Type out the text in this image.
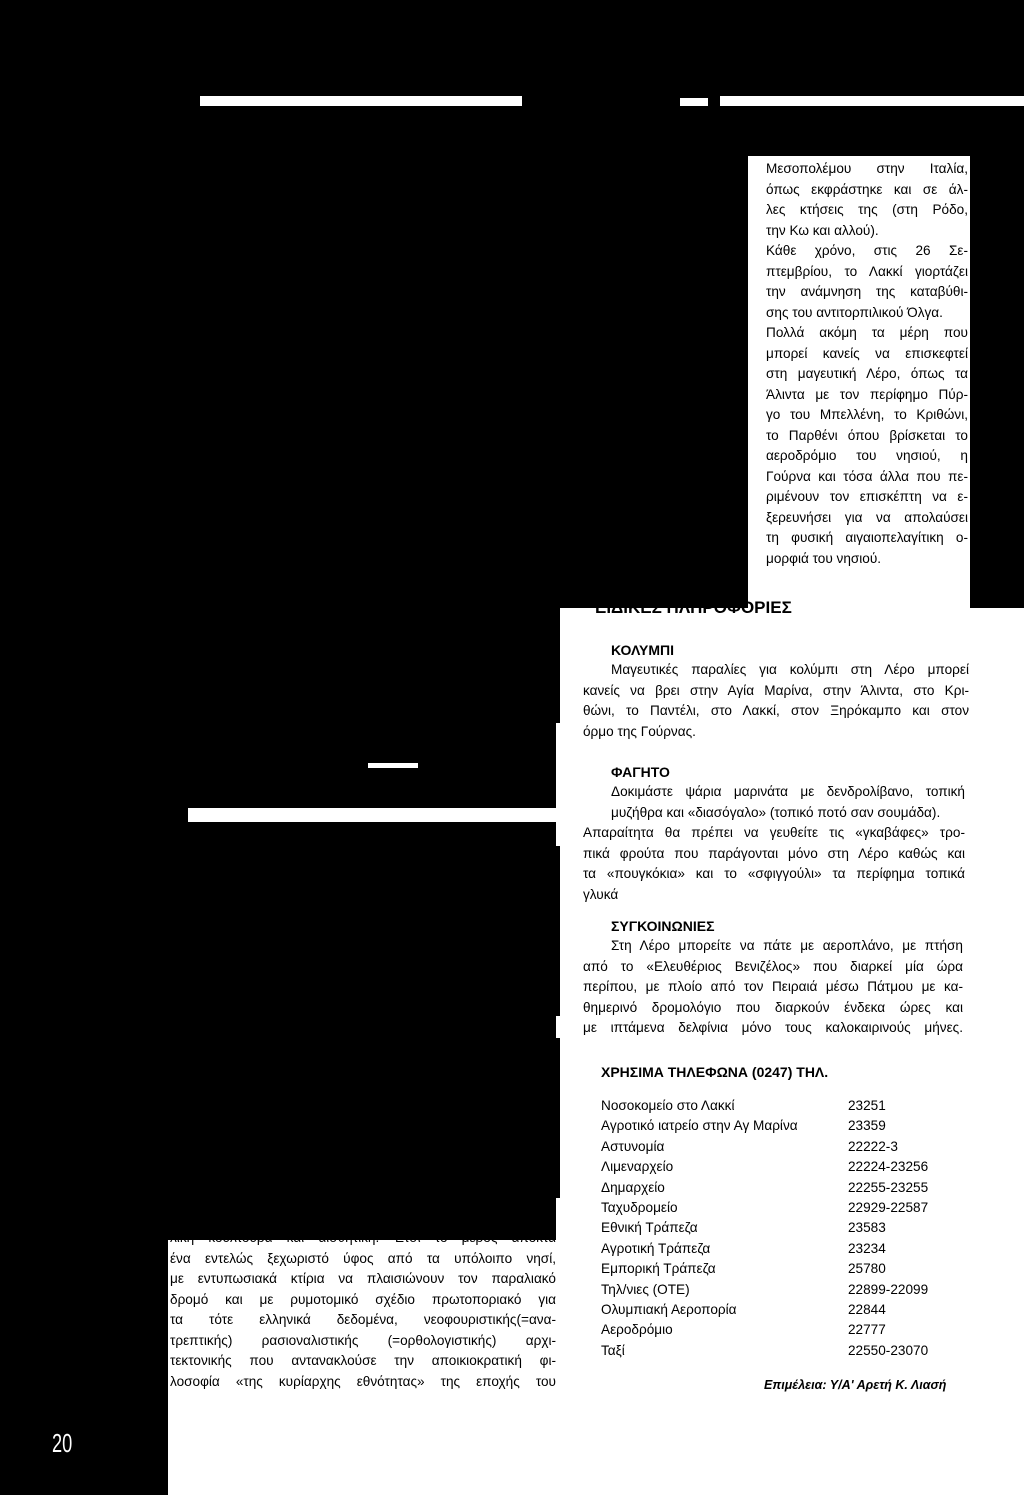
Μεσοπολέμου στην Ιταλία,
όπως εκφράστηκε και σε άλ-
λες κτήσεις της (στη Ρόδο,
την Κω και αλλού).
Κάθε χρόνο, στις 26 Σε-
πτεμβρίου, το Λακκί γιορτάζει
την ανάμνηση της καταβύθι-
σης του αντιτορπιλικού Όλγα.
Πολλά ακόμη τα μέρη που
μπορεί κανείς να επισκεφτεί
στη μαγευτική Λέρο, όπως τα
Άλιντα με τον περίφημο Πύρ-
γο του Μπελλένη, το Κριθώνι,
το Παρθένι όπου βρίσκεται το
αεροδρόμιο του νησιού, η
Γούρνα και τόσα άλλα που πε-
ριμένουν τον επισκέπτη να ε-
ξερευνήσει για να απολαύσει
τη φυσική αιγαιοπελαγίτικη ο-
μορφιά του νησιού.
ΕΙΔΙΚΕΣ ΠΛΗΡΟΦΟΡΙΕΣ
ΚΟΛΥΜΠΙ
Μαγευτικές παραλίες για κολύμπι στη Λέρο μπορεί
κανείς να βρει στην Αγία Μαρίνα, στην Άλιντα, στο Κρι-
θώνι, το Παντέλι, στο Λακκί, στον Ξηρόκαμπο και στον
όρμο της Γούρνας.
ΦΑΓΗΤΟ
Δοκιμάστε ψάρια μαρινάτα με δενδρολίβανο, τοπική
μυζήθρα και «διασόγαλο» (τοπικό ποτό σαν σουμάδα).
Απαραίτητα θα πρέπει να γευθείτε τις «γκαβάφες» τρο-
πικά φρούτα που παράγονται μόνο στη Λέρο καθώς και
τα «πουγκόκια» και το «σφιγγούλι» τα περίφημα τοπικά
γλυκά
ΣΥΓΚΟΙΝΩΝΙΕΣ
Στη Λέρο μπορείτε να πάτε με αεροπλάνο, με πτήση
από το «Ελευθέριος Βενιζέλος» που διαρκεί μία ώρα
περίπου, με πλοίο από τον Πειραιά μέσω Πάτμου με κα-
θημερινό δρομολόγιο που διαρκούν ένδεκα ώρες και
με ιπτάμενα δελφίνια μόνο τους καλοκαιρινούς μήνες.
ΧΡΗΣΙΜΑ ΤΗΛΕΦΩΝΑ (0247) ΤΗΛ.
Νοσοκομείο στο Λακκί	23251
Αγροτικό ιατρείο στην Αγ Μαρίνα	23359
Αστυνομία	22222-3
Λιμεναρχείο	22224-23256
Δημαρχείο	22255-23255
Ταχυδρομείο	22929-22587
Εθνική Τράπεζα	23583
Αγροτική Τράπεζα	23234
Εμπορική Τράπεζα	25780
Τηλ/νιες (ΟΤΕ)	22899-22099
Ολυμπιακή Αεροπορία	22844
Αεροδρόμιο	22777
Ταξί	22550-23070
Επιμέλεια: Υ/Α' Αρετή Κ. Λιασή
λική κουλτούρα και αισθητική. Έτσι το μέρος αποκτά
ένα εντελώς ξεχωριστό ύφος από τα υπόλοιπο νησί,
με εντυπωσιακά κτίρια να πλαισιώνουν τον παραλιακό
δρομό και με ρυμοτομικό σχέδιο πρωτοποριακό για
τα τότε ελληνικά δεδομένα, νεοφουριστικής(=ανα-
τρεπτικής) ρασιοναλιστικής (=ορθολογιστικής) αρχι-
τεκτονικής που αντανακλούσε την αποικιοκρατική φι-
λοσοφία «της κυρίαρχης εθνότητας» της εποχής του
20
